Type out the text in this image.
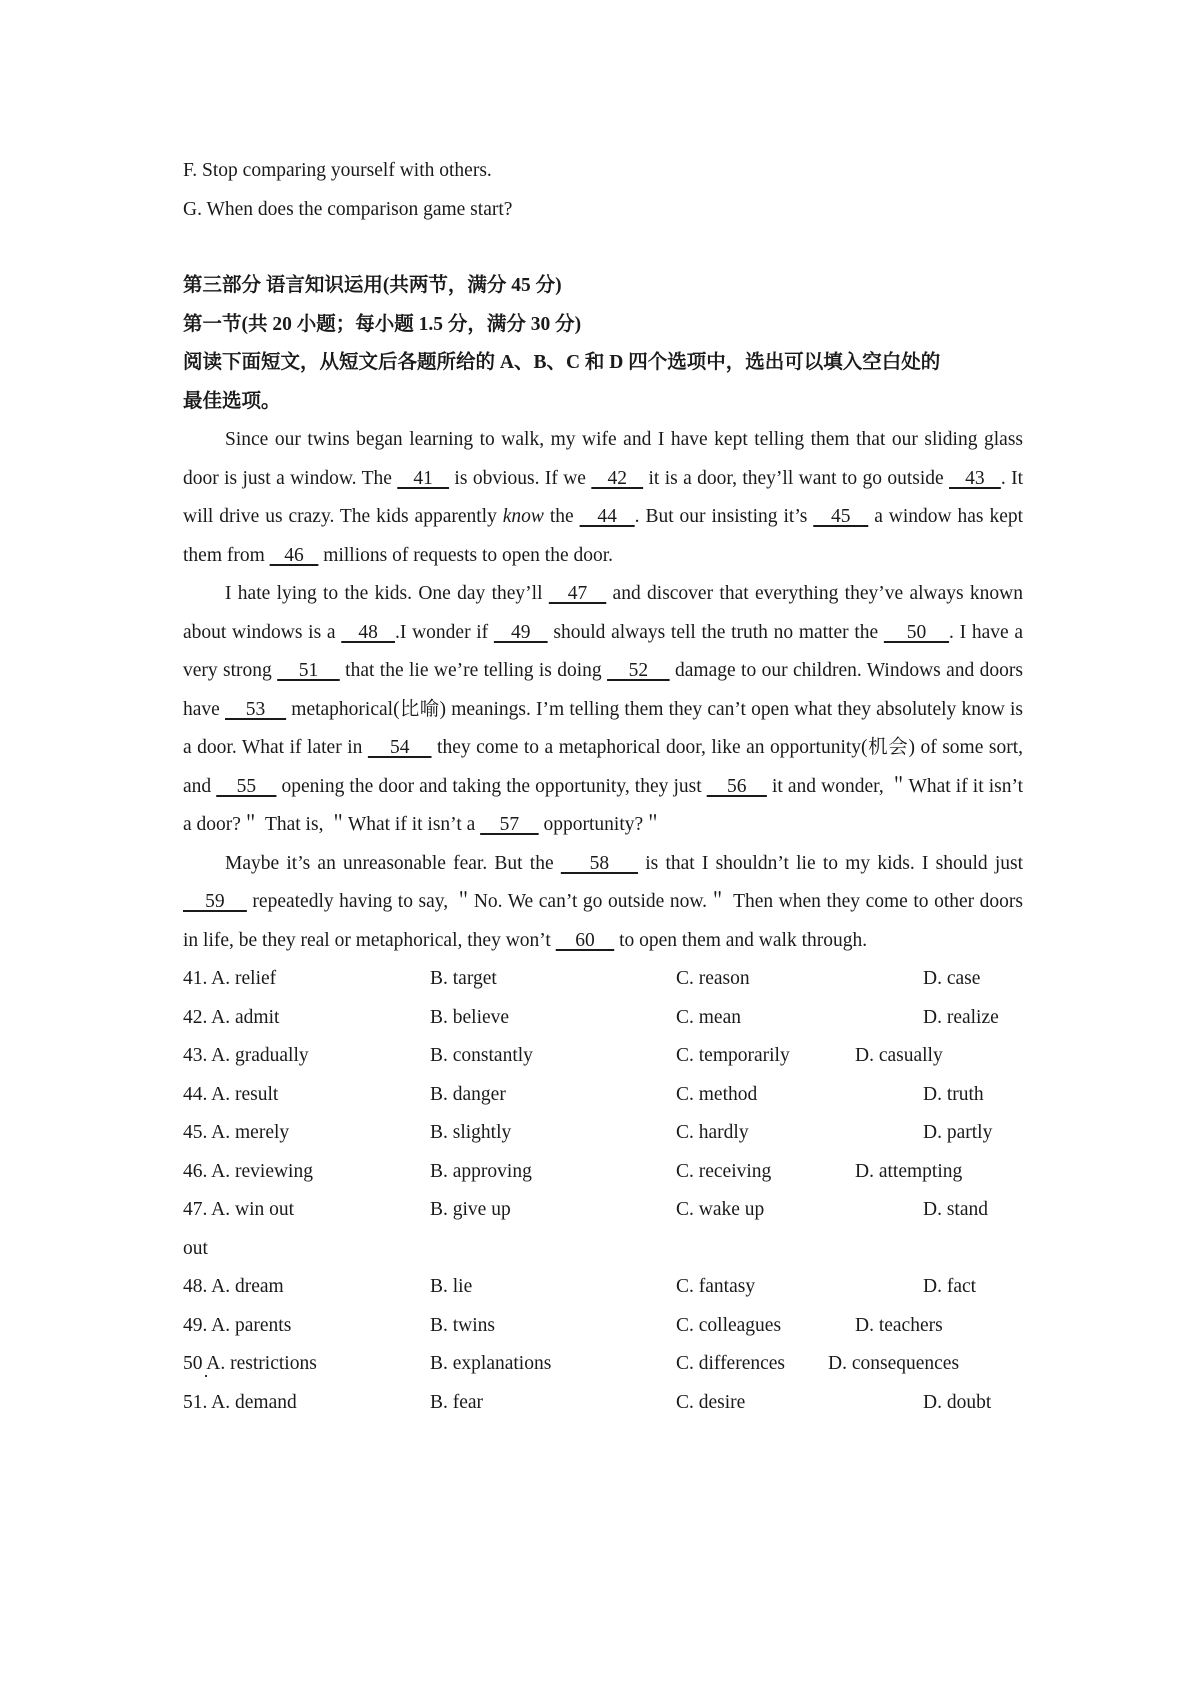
F. Stop comparing yourself with others.
G. When does the comparison game start?
第三部分 语言知识运用(共两节，满分 45 分)
第一节(共 20 小题；每小题 1.5 分，满分 30 分)
阅读下面短文，从短文后各题所给的 A、B、C 和 D 四个选项中，选出可以填入空白处的
最佳选项。
Since our twins began learning to walk, my wife and I have kept telling them that our sliding glass door is just a window. The    41    is obvious. If we    42    it is a door, they’ll want to go outside    43   . It will drive us crazy. The kids apparently know the    44   . But our insisting it’s    45    a window has kept them from    46    millions of requests to open the door.
I hate lying to the kids. One day they’ll    47    and discover that everything they’ve always known about windows is a    48   .I wonder if    49    should always tell the truth no matter the     50    . I have a very strong     51     that the lie we’re telling is doing     52     damage to our children. Windows and doors have     53     metaphorical(比喻) meanings. I’m telling them they can’t open what they absolutely know is a door. What if later in     54     they come to a metaphorical door, like an opportunity(机会) of some sort, and     55     opening the door and taking the opportunity, they just     56     it and wonder, ＂What if it isn’t a door?＂ That is, ＂What if it isn’t a     57     opportunity?＂
Maybe it’s an unreasonable fear. But the     58     is that I shouldn’t lie to my kids. I should just     59     repeatedly having to say, ＂No. We can’t go outside now.＂ Then when they come to other doors in life, be they real or metaphorical, they won’t     60     to open them and walk through.
41. A. relief	B. target	C. reason	D. case
42. A. admit	B. believe	C. mean	D. realize
43. A. gradually	B. constantly	C. temporarily	D. casually
44. A. result	B. danger	C. method	D. truth
45. A. merely	B. slightly	C. hardly	D. partly
46. A. reviewing	B. approving	C. receiving	D. attempting
47. A. win out	B. give up	C. wake up	D. stand
out
48. A. dream	B. lie	C. fantasy	D. fact
49. A. parents	B. twins	C. colleagues	D. teachers
50 A. restrictions	B. explanations	C. differences D. consequences
51. A. demand	B. fear	C. desire	D. doubt
